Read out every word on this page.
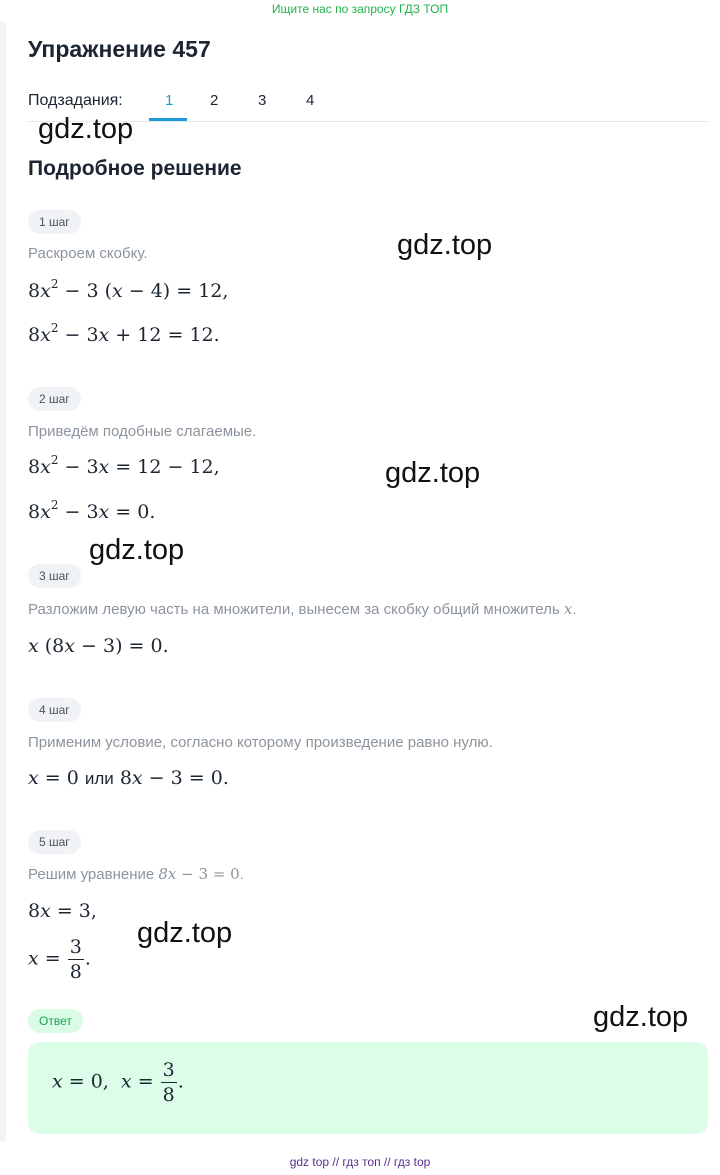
Ищите нас по запросу ГДЗ ТОП
Упражнение 457
Подзадания:	1 2	3	4
Подробное решение
1 шаг
Раскроем скобку.
$8x^2 - 3$ (x − 4) = 12,
$8x^2 - 3x + 12 = 12$.
2 шаг
Приведём подобные слагаемые.
$8x^2 - 3x = 12 - 12$,
$8x^2 - 3x = 0$.
3 шаг
Разложим левую часть на множители, вынесем за скобку общий множитель x.
x (8x − 3) = 0.
4 шаг
Применим условие, согласно которому произведение равно нулю.
x = 0 или 8x − 3 = 0.
5 шаг
Решим уравнение 8x − 3 = 0.
8x = 3,
$x = \frac{3}{8}$ .
Ответ
x = 0,  $x = \frac{3}{8}$ .
gdz.top
gdz.top
gdz.top
gdz.top
gdz.top
gdz.top
gdz top // гдз топ // гдз top
